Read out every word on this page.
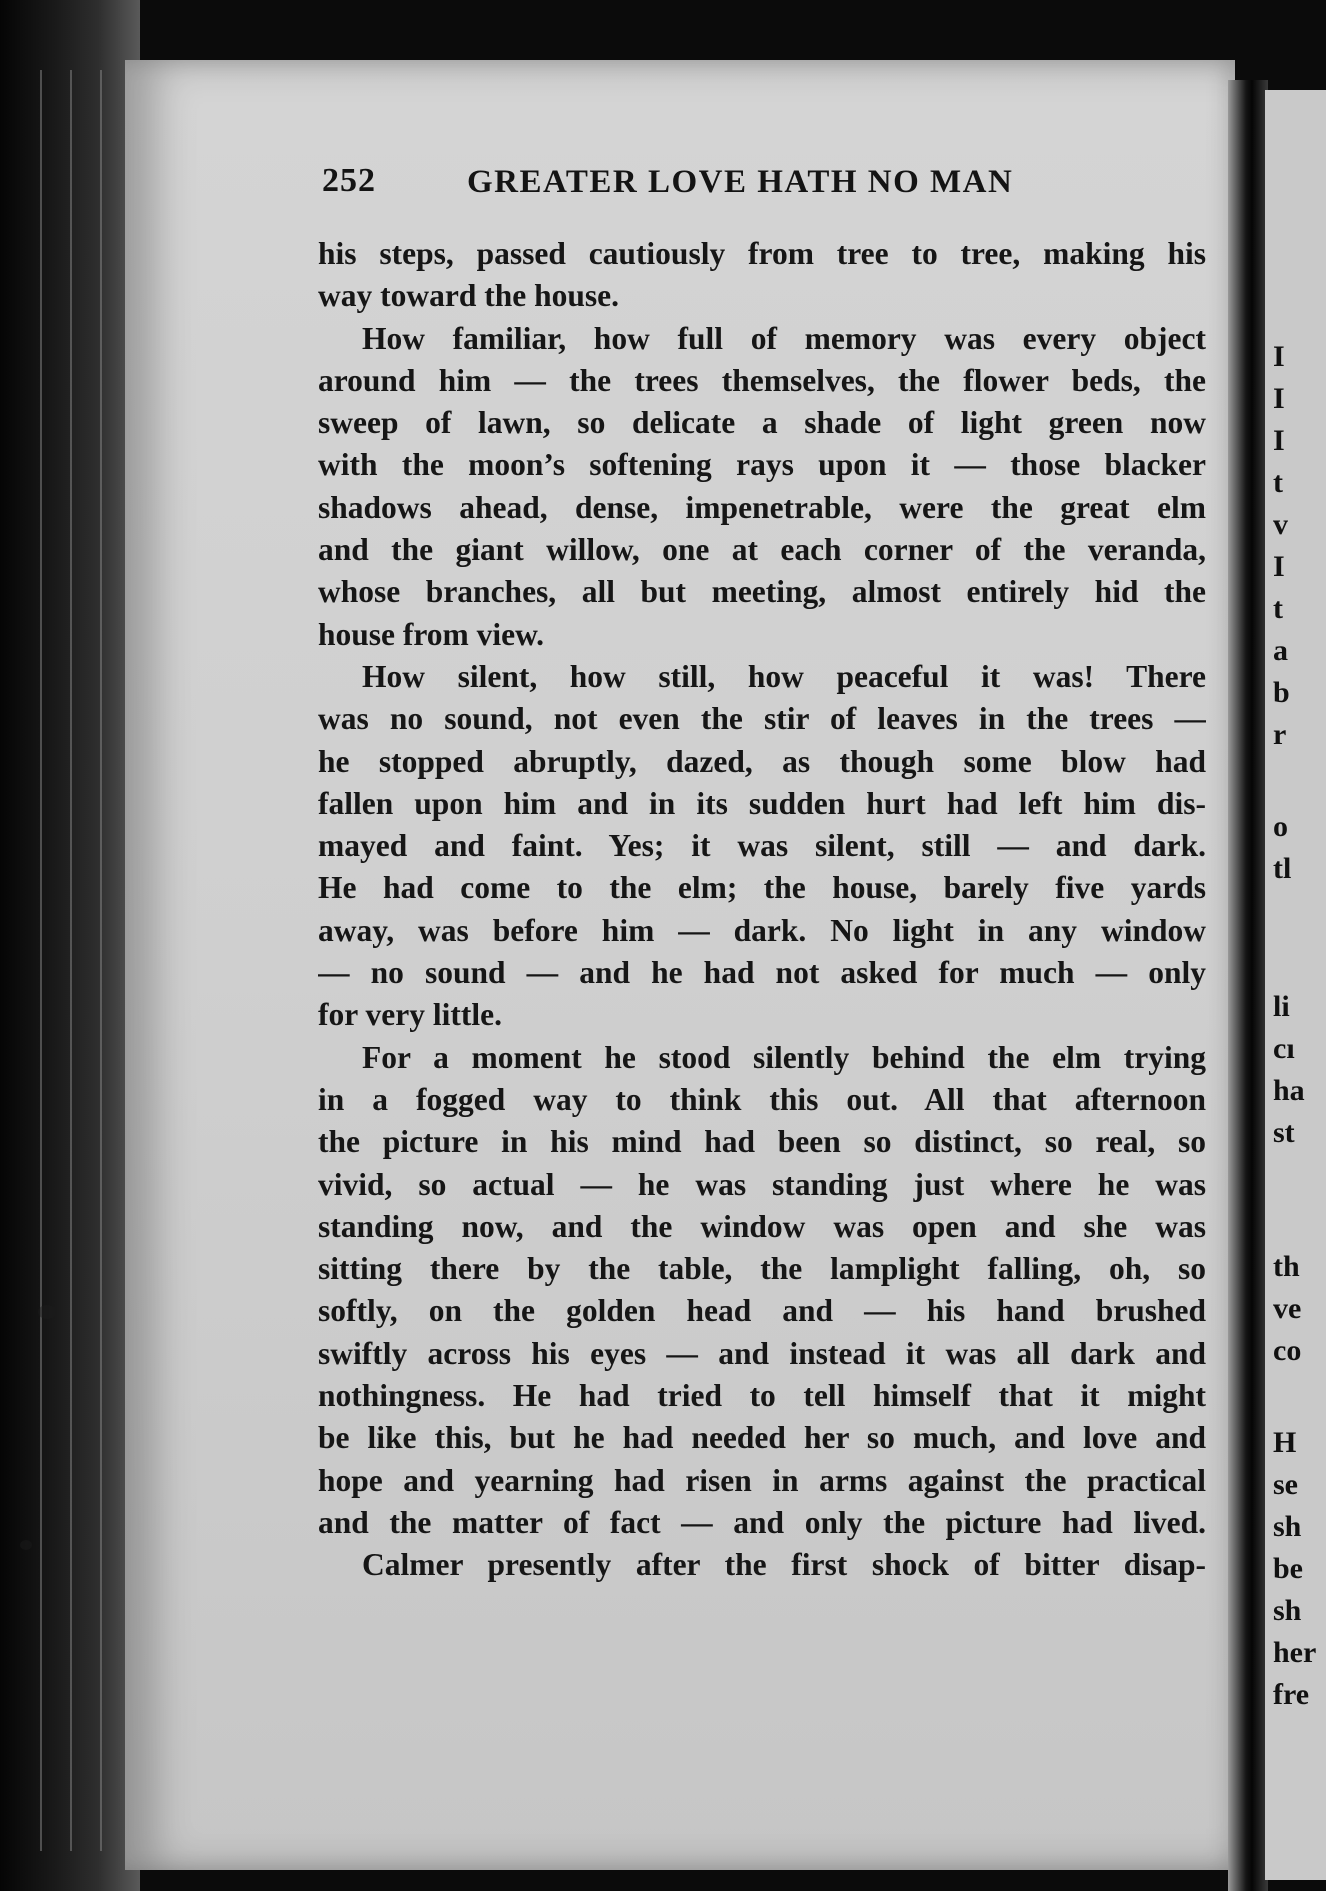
I
I
I
t
v
I
t
a
b
r
o
tl
li
cı
ha
st
th
ve
co
H
se
sh
be
sh
her
fre
252	GREATER LOVE HATH NO MAN
his steps, passed cautiously from tree to tree, making his
way toward the house.
How familiar, how full of memory was every object
around him — the trees themselves, the flower beds, the
sweep of lawn, so delicate a shade of light green now
with the moon’s softening rays upon it — those blacker
shadows ahead, dense, impenetrable, were the great elm
and the giant willow, one at each corner of the veranda,
whose branches, all but meeting, almost entirely hid the
house from view.
How silent, how still, how peaceful it was! There
was no sound, not even the stir of leaves in the trees —
he stopped abruptly, dazed, as though some blow had
fallen upon him and in its sudden hurt had left him dis-
mayed and faint. Yes; it was silent, still — and dark.
He had come to the elm; the house, barely five yards
away, was before him — dark. No light in any window
— no sound — and he had not asked for much — only
for very little.
For a moment he stood silently behind the elm trying
in a fogged way to think this out. All that afternoon
the picture in his mind had been so distinct, so real, so
vivid, so actual — he was standing just where he was
standing now, and the window was open and she was
sitting there by the table, the lamplight falling, oh, so
softly, on the golden head and — his hand brushed
swiftly across his eyes — and instead it was all dark and
nothingness. He had tried to tell himself that it might
be like this, but he had needed her so much, and love and
hope and yearning had risen in arms against the practical
and the matter of fact — and only the picture had lived.
Calmer presently after the first shock of bitter disap-
